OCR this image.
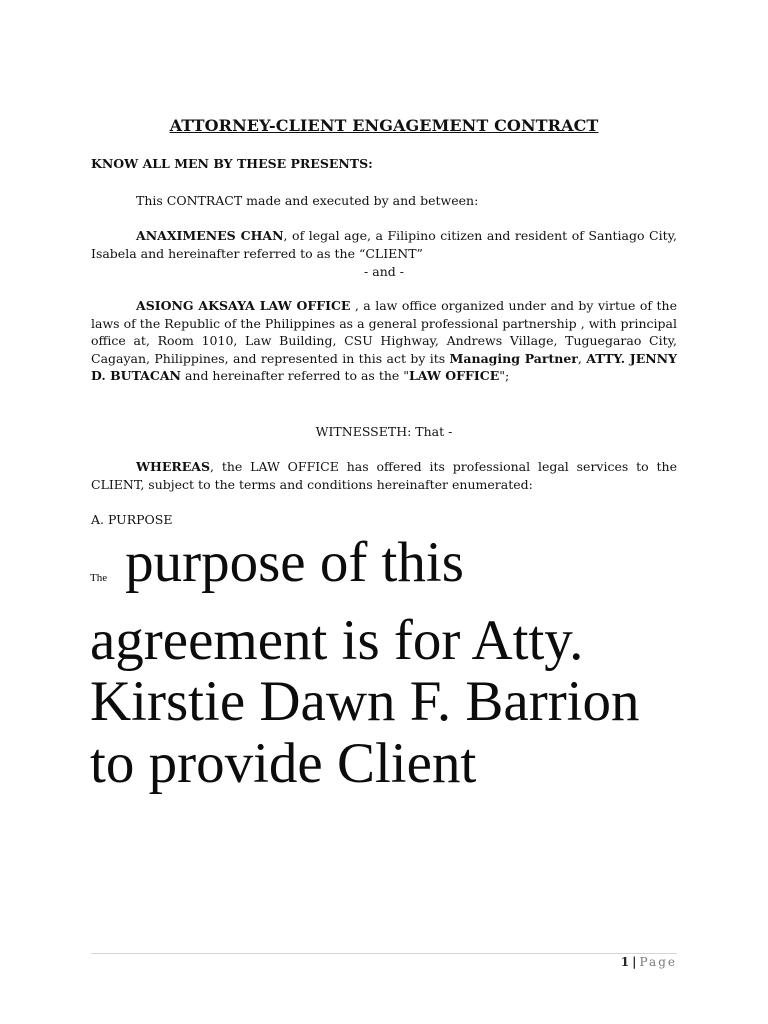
ATTORNEY-CLIENT ENGAGEMENT CONTRACT
KNOW ALL MEN BY THESE PRESENTS:
This CONTRACT made and executed by and between:
ANAXIMENES CHAN, of legal age, a Filipino citizen and resident of Santiago City, Isabela and hereinafter referred to as the “CLIENT”
- and -
ASIONG AKSAYA LAW OFFICE , a law office organized under and by virtue of the laws of the Republic of the Philippines as a general professional partnership , with principal office at, Room 1010, Law Building, CSU Highway, Andrews Village, Tuguegarao City, Cagayan, Philippines, and represented in this act by its Managing Partner, ATTY. JENNY D. BUTACAN and hereinafter referred to as the "LAW OFFICE";
WITNESSETH: That -
WHEREAS, the LAW OFFICE has offered its professional legal services to the CLIENT, subject to the terms and conditions hereinafter enumerated:
A. PURPOSE
The purpose of this agreement is for Atty. Kirstie Dawn F. Barrion to provide Client
1 | Page
